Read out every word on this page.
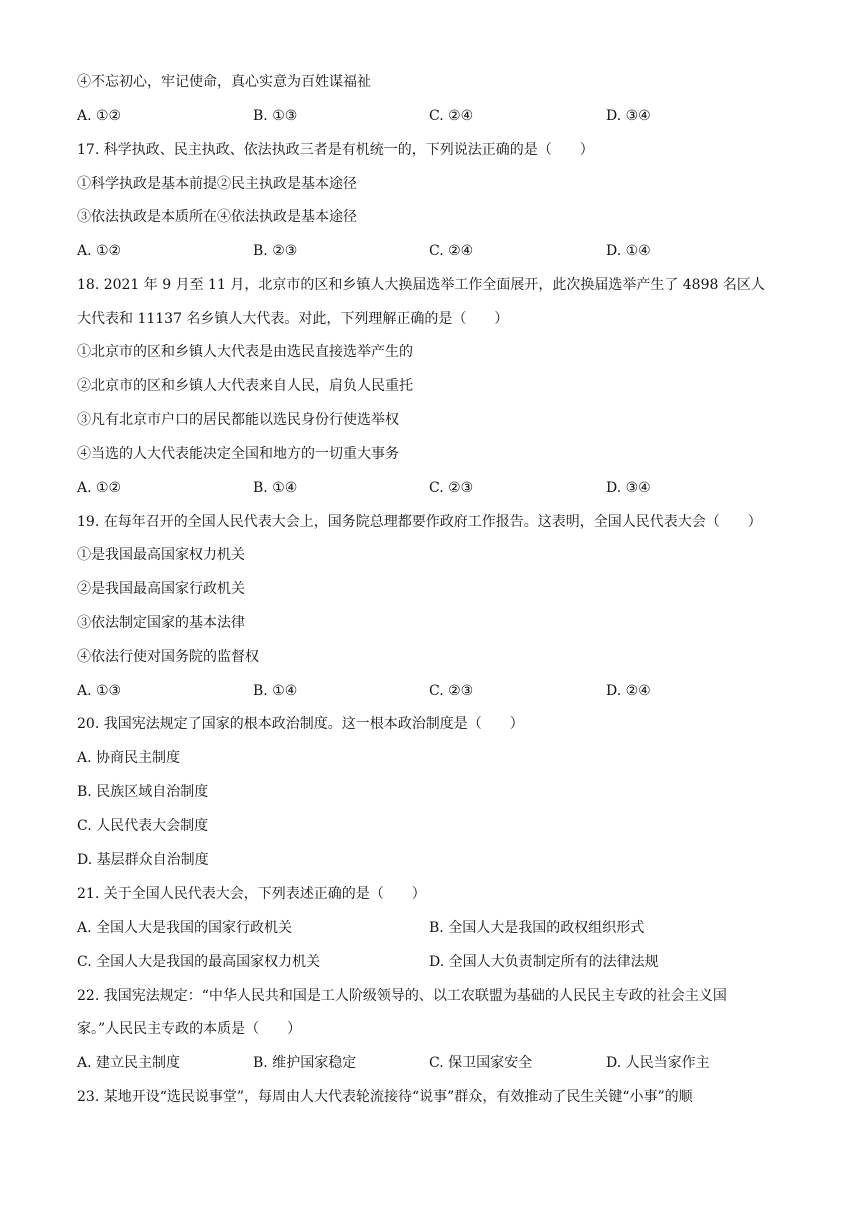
④不忘初心，牢记使命，真心实意为百姓谋福祉
A. ①②	B. ①③	C. ②④	D. ③④
17. 科学执政、民主执政、依法执政三者是有机统一的，下列说法正确的是（　　）
①科学执政是基本前提②民主执政是基本途径
③依法执政是本质所在④依法执政是基本途径
A. ①②	B. ②③	C. ②④	D. ①④
18. 2021 年 9 月至 11 月，北京市的区和乡镇人大换届选举工作全面展开，此次换届选举产生了 4898 名区人
大代表和 11137 名乡镇人大代表。对此，下列理解正确的是（　　）
①北京市的区和乡镇人大代表是由选民直接选举产生的
②北京市的区和乡镇人大代表来自人民，肩负人民重托
③凡有北京市户口的居民都能以选民身份行使选举权
④当选的人大代表能决定全国和地方的一切重大事务
A. ①②	B. ①④	C. ②③	D. ③④
19. 在每年召开的全国人民代表大会上，国务院总理都要作政府工作报告。这表明，全国人民代表大会（　　）
①是我国最高国家权力机关
②是我国最高国家行政机关
③依法制定国家的基本法律
④依法行使对国务院的监督权
A. ①③	B. ①④	C. ②③	D. ②④
20. 我国宪法规定了国家的根本政治制度。这一根本政治制度是（　　）
A. 协商民主制度
B. 民族区域自治制度
C. 人民代表大会制度
D. 基层群众自治制度
21. 关于全国人民代表大会，下列表述正确的是（　　）
A. 全国人大是我国的国家行政机关	B. 全国人大是我国的政权组织形式
C. 全国人大是我国的最高国家权力机关	D. 全国人大负责制定所有的法律法规
22. 我国宪法规定：“中华人民共和国是工人阶级领导的、以工农联盟为基础的人民民主专政的社会主义国
家。”人民民主专政的本质是（　　）
A. 建立民主制度	B. 维护国家稳定	C. 保卫国家安全	D. 人民当家作主
23. 某地开设“选民说事堂”，每周由人大代表轮流接待“说事”群众，有效推动了民生关键“小事”的顺
